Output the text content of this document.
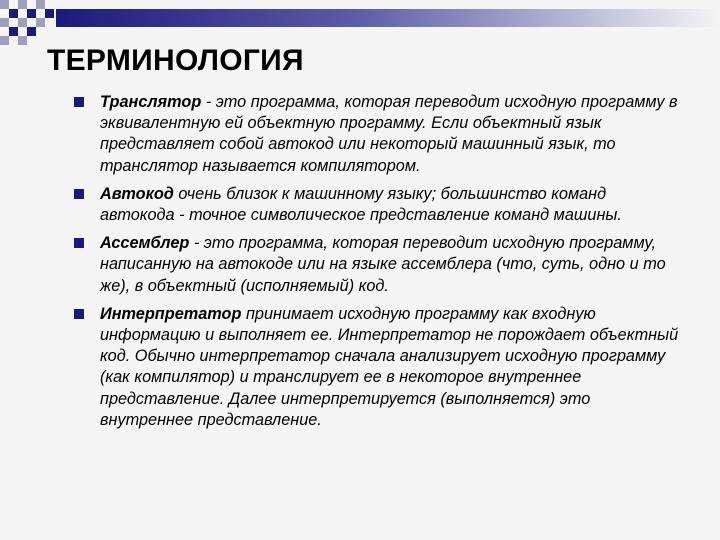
ТЕРМИНОЛОГИЯ
Транслятор - это программа, которая переводит исходную программу в эквивалентную ей объектную программу. Если объектный язык представляет собой автокод или некоторый машинный язык, то транслятор называется компилятором.
Автокод очень близок к машинному языку; большинство команд автокода - точное символическое представление команд машины.
Ассемблер - это программа, которая переводит исходную программу, написанную на автокоде или на языке ассемблера (что, суть, одно и то же), в объектный (исполняемый) код.
Интерпретатор принимает исходную программу как входную информацию и выполняет ее. Интерпретатор не порождает объектный код. Обычно интерпретатор сначала анализирует исходную программу (как компилятор) и транслирует ее в некоторое внутреннее представление. Далее интерпретируется (выполняется) это внутреннее представление.
